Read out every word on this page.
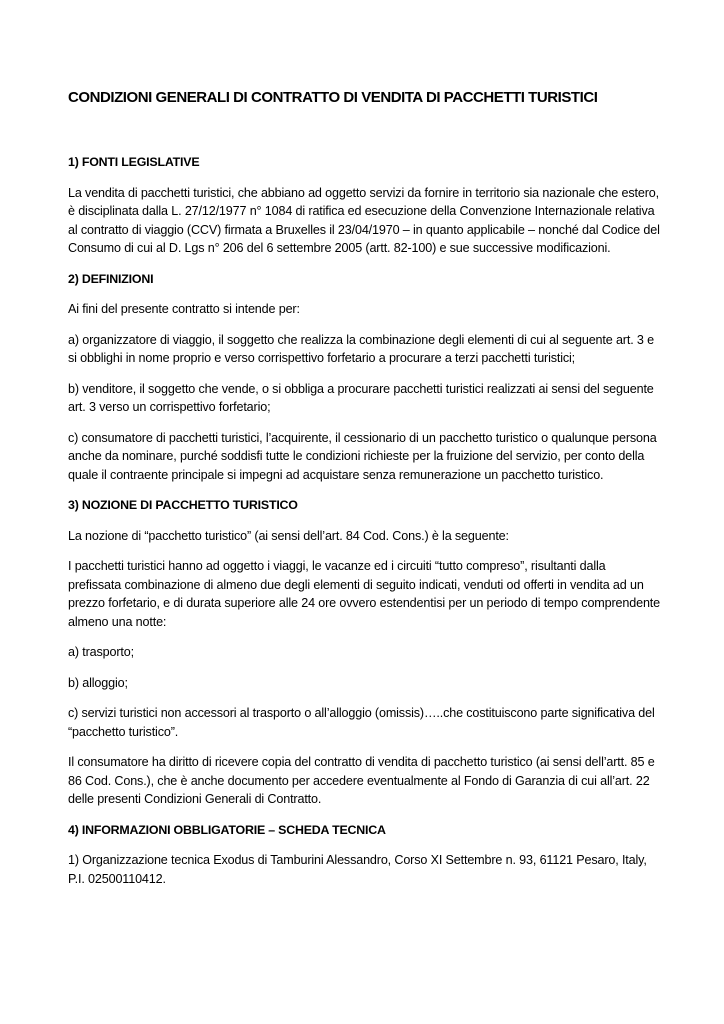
CONDIZIONI GENERALI DI CONTRATTO DI VENDITA DI PACCHETTI TURISTICI
1) FONTI LEGISLATIVE

La vendita di pacchetti turistici, che abbiano ad oggetto servizi da fornire in territorio sia nazionale che estero, è disciplinata dalla L. 27/12/1977 n° 1084 di ratifica ed esecuzione della Convenzione Internazionale relativa al contratto di viaggio (CCV) firmata a Bruxelles il 23/04/1970 – in quanto applicabile – nonché dal Codice del Consumo di cui al D. Lgs n° 206 del 6 settembre 2005 (artt. 82-100) e sue successive modificazioni.

2) DEFINIZIONI

Ai fini del presente contratto si intende per:

a) organizzatore di viaggio, il soggetto che realizza la combinazione degli elementi di cui al seguente art. 3 e si obblighi in nome proprio e verso corrispettivo forfetario a procurare a terzi pacchetti turistici;

b) venditore, il soggetto che vende, o si obbliga a procurare pacchetti turistici realizzati ai sensi del seguente art. 3 verso un corrispettivo forfetario;

c) consumatore di pacchetti turistici, l’acquirente, il cessionario di un pacchetto turistico o qualunque persona anche da nominare, purché soddisfi tutte le condizioni richieste per la fruizione del servizio, per conto della quale il contraente principale si impegni ad acquistare senza remunerazione un pacchetto turistico.

3) NOZIONE DI PACCHETTO TURISTICO

La nozione di “pacchetto turistico” (ai sensi dell’art. 84 Cod. Cons.) è la seguente:

I pacchetti turistici hanno ad oggetto i viaggi, le vacanze ed i circuiti “tutto compreso”, risultanti dalla prefissata combinazione di almeno due degli elementi di seguito indicati, venduti od offerti in vendita ad un prezzo forfetario, e di durata superiore alle 24 ore ovvero estendentisi per un periodo di tempo comprendente almeno una notte:

a) trasporto;

b) alloggio;

c) servizi turistici non accessori al trasporto o all’alloggio (omissis)…..che costituiscono parte significativa del “pacchetto turistico”.

Il consumatore ha diritto di ricevere copia del contratto di vendita di pacchetto turistico (ai sensi dell’artt. 85 e 86 Cod. Cons.), che è anche documento per accedere eventualmente al Fondo di Garanzia di cui all’art. 22 delle presenti Condizioni Generali di Contratto.

4) INFORMAZIONI OBBLIGATORIE – SCHEDA TECNICA

1) Organizzazione tecnica Exodus di Tamburini Alessandro, Corso XI Settembre n. 93, 61121 Pesaro, Italy, P.I. 02500110412.
